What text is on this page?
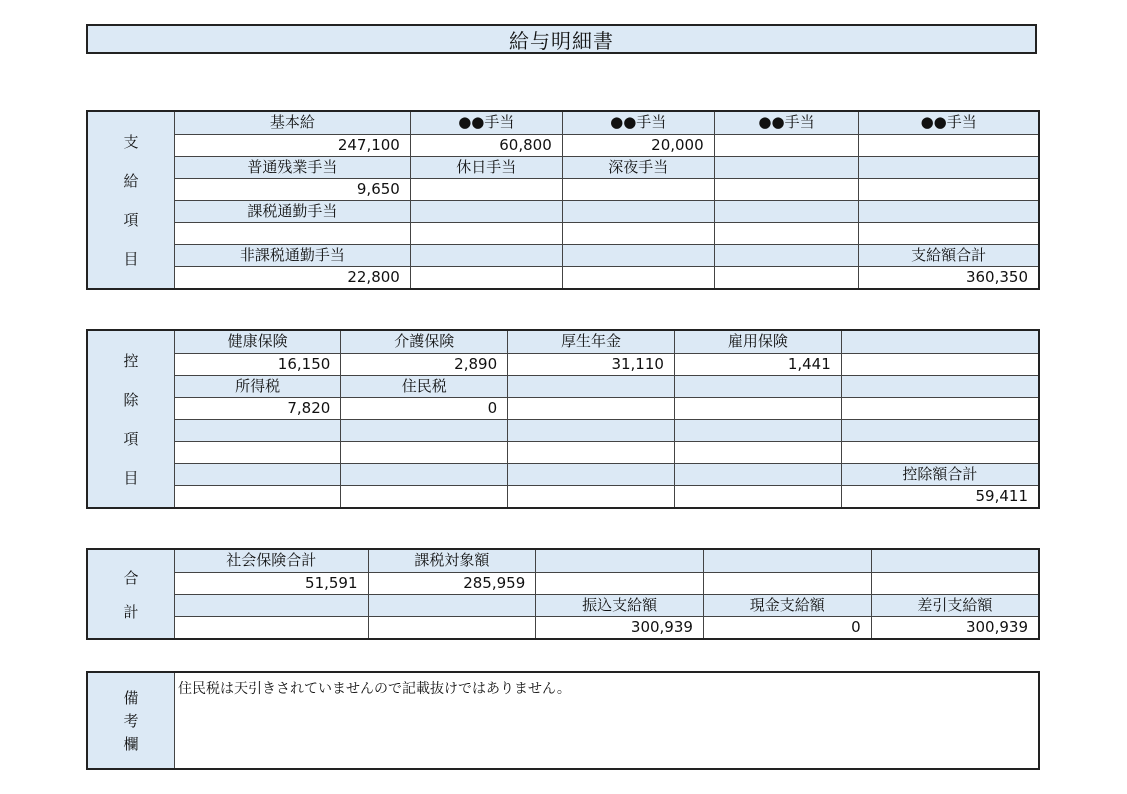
給与明細書
支
給
項
目
基本給	●●手当	●●手当	●●手当	●●手当
247,100	60,800	20,000		
普通残業手当	休日手当	深夜手当		
9,650				
課税通勤手当				

非課税通勤手当				支給額合計
22,800				360,350
控
除
項
目
健康保険	介護保険	厚生年金	雇用保険	
16,150	2,890	31,110	1,441	
所得税	住民税			
7,820	0			

				控除額合計
				59,411
合
計
社会保険合計	課税対象額			
51,591	285,959			
		振込支給額	現金支給額	差引支給額
		300,939	0	300,939
備
考
欄
住民税は天引きされていませんので記載抜けではありません。
